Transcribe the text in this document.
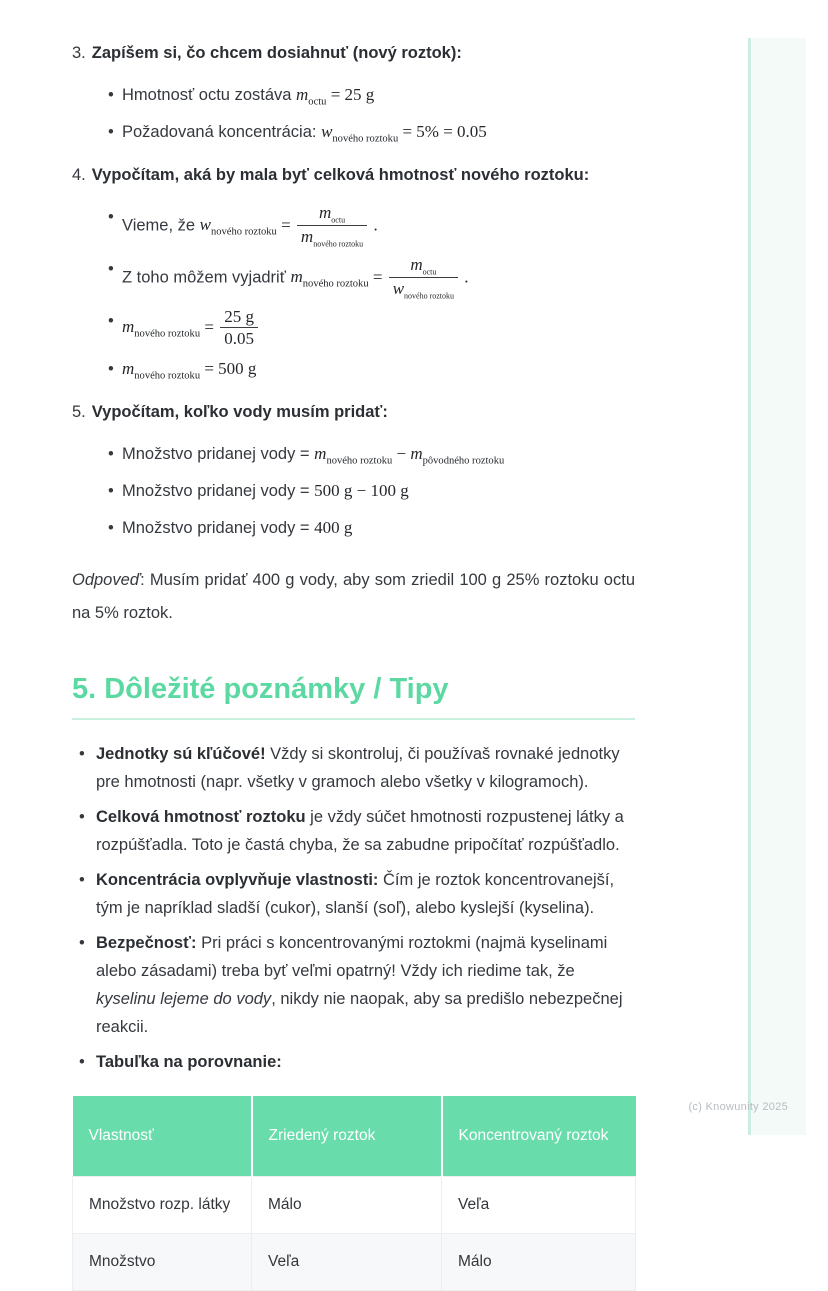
3. Zapíšem si, čo chcem dosiahnuť (nový roztok):
• Hmotnosť octu zostáva $m_{octu} = 25$ g
• Požadovaná koncentrácia: $w_{nového roztoku} = 5\% = 0.05$
4. Vypočítam, aká by mala byť celková hmotnosť nového roztoku:
• Vieme, že $w_{nového roztoku} = \frac{m_{octu}}{m_{nového roztoku}}$ .
• Z toho môžem vyjadriť $m_{nového roztoku} = \frac{m_{octu}}{w_{nového roztoku}}$ .
• $m_{nového roztoku} = \frac{25 g}{0.05}$
• $m_{nového roztoku} = 500$ g
5. Vypočítam, koľko vody musím pridať:
• Množstvo pridanej vody = $m_{nového roztoku} - m_{pôvodného roztoku}$
• Množstvo pridanej vody = 500 g − 100 g
• Množstvo pridanej vody = 400 g

Odpoveď: Musím pridať 400 g vody, aby som zriedil 100 g 25% roztoku octu na 5% roztok.

5. Dôležité poznámky / Tipy
• Jednotky sú kľúčové! Vždy si skontroluj, či používaš rovnaké jednotky pre hmotnosti (napr. všetky v gramoch alebo všetky v kilogramoch).
• Celková hmotnosť roztoku je vždy súčet hmotnosti rozpustenej látky a rozpúšťadla. Toto je častá chyba, že sa zabudne pripočítať rozpúšťadlo.
• Koncentrácia ovplyvňuje vlastnosti: Čím je roztok koncentrovanejší, tým je napríklad sladší (cukor), slanší (soľ), alebo kyslejší (kyselina).
• Bezpečnosť: Pri práci s koncentrovanými roztokmi (najmä kyselinami alebo zásadami) treba byť veľmi opatrný! Vždy ich riedime tak, že kyselinu lejeme do vody, nikdy nie naopak, aby sa predišlo nebezpečnej reakcii.
• Tabuľka na porovnanie:
Vlastnosť	Zriedený roztok	Koncentrovaný roztok
Množstvo rozp. látky	Málo	Veľa
Množstvo	Veľa	Málo
(c) Knowunity 2025
